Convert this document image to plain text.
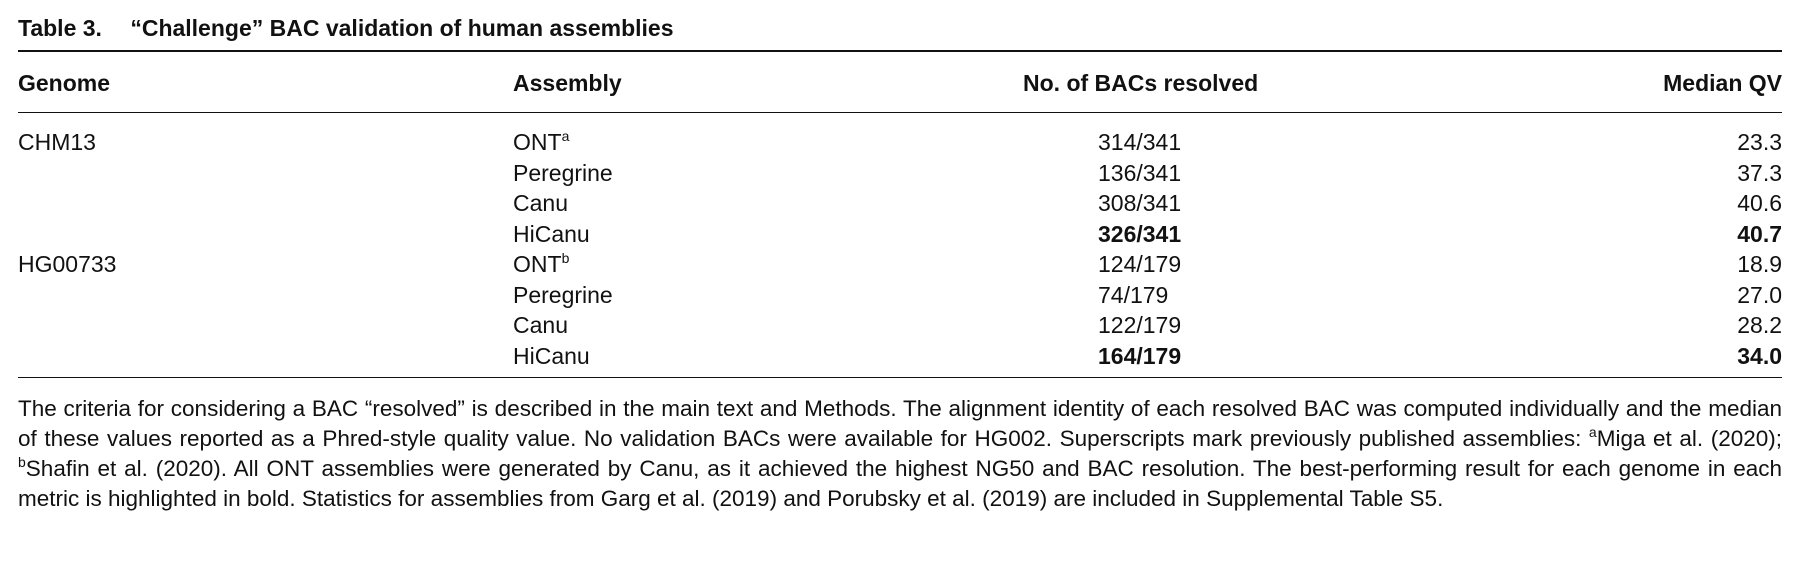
Table 3. “Challenge” BAC validation of human assemblies
Genome	Assembly	No. of BACs resolved	Median QV
CHM13	ONT$^a$	314/341	23.3
	Peregrine	136/341	37.3
	Canu	308/341	40.6
	HiCanu	326/341	40.7
HG00733	ONT$^b$	124/179	18.9
	Peregrine	74/179	27.0
	Canu	122/179	28.2
	HiCanu	164/179	34.0
The criteria for considering a BAC “resolved” is described in the main text and Methods. The alignment identity of each resolved BAC was computed individually and the median of these values reported as a Phred-style quality value. No validation BACs were available for HG002. Superscripts mark previously published assemblies: $^a$Miga et al. (2020); $^b$Shafin et al. (2020). All ONT assemblies were generated by Canu, as it achieved the highest NG50 and BAC resolution. The best-performing result for each genome in each metric is highlighted in bold. Statistics for assemblies from Garg et al. (2019) and Porubsky et al. (2019) are included in Supplemental Table S5.
